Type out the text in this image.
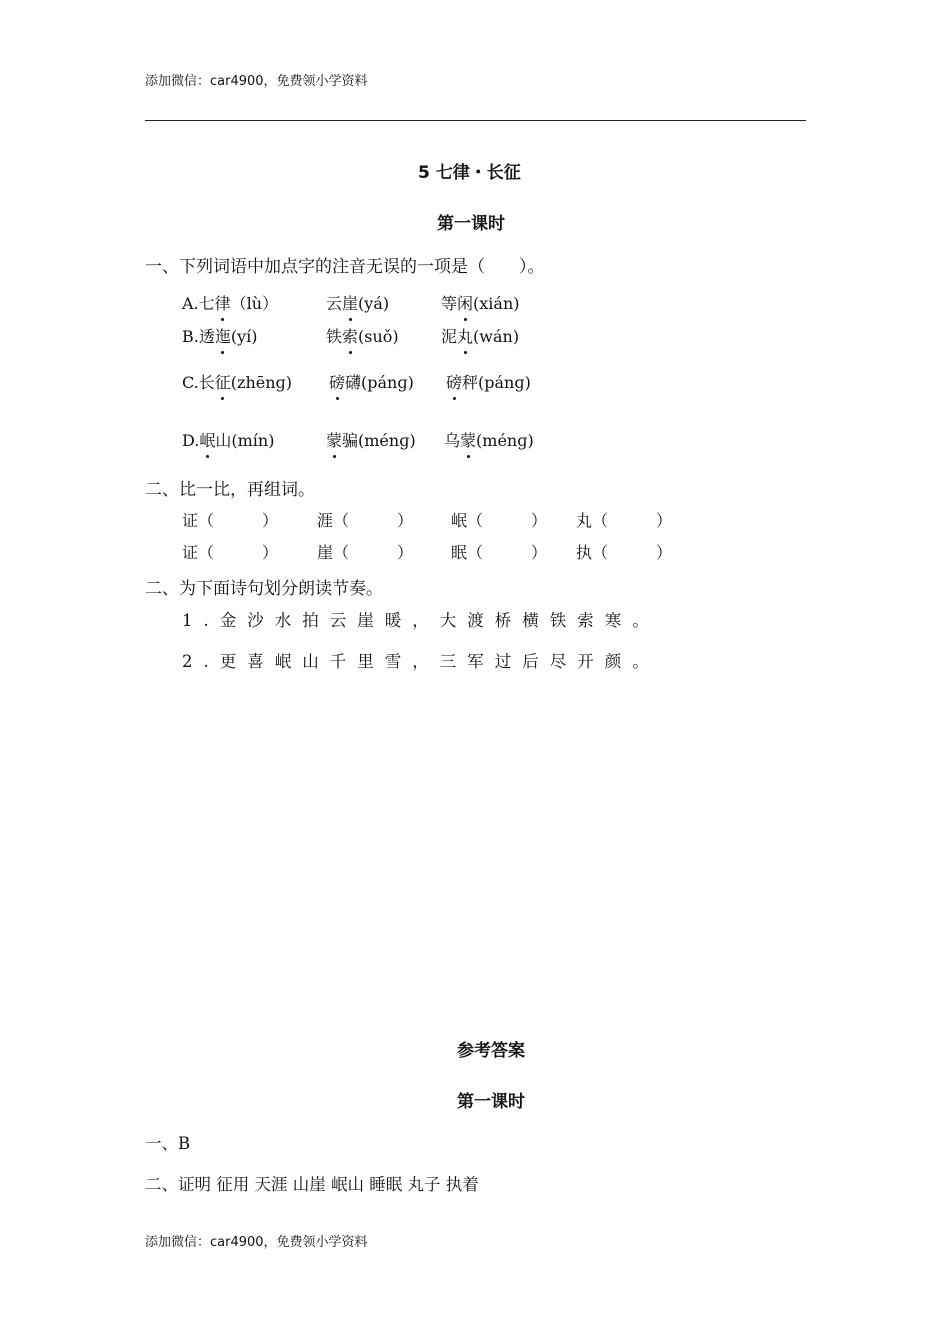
添加微信：car4900，免费领小学资料
5 七律・长征
第一课时
一、下列词语中加点字的注音无误的一项是（　　）。
A.七律（lù）	云崖(yá)	等闲(xián)
B.透迤(yí)	铁索(suǒ)	泥丸(wán)
C.长征(zhēnɡ) 磅礴(pánɡ) 磅秤(pánɡ)
D.岷山(mín)	蒙骗(ménɡ) 乌蒙(ménɡ)
二、比一比，再组词。
证（　　　） 涯（　　　） 岷（　　　） 丸（　　　）
证（　　　） 崖（　　　） 眠（　　　） 执（　　　）
二、为下面诗句划分朗读节奏。
1.金沙水拍云崖暖，大渡桥横铁索寒。
2.更喜岷山千里雪，三军过后尽开颜。
参考答案
第一课时
一、B
二、证明 征用 天涯 山崖 岷山 睡眠 丸子 执着
添加微信：car4900，免费领小学资料
